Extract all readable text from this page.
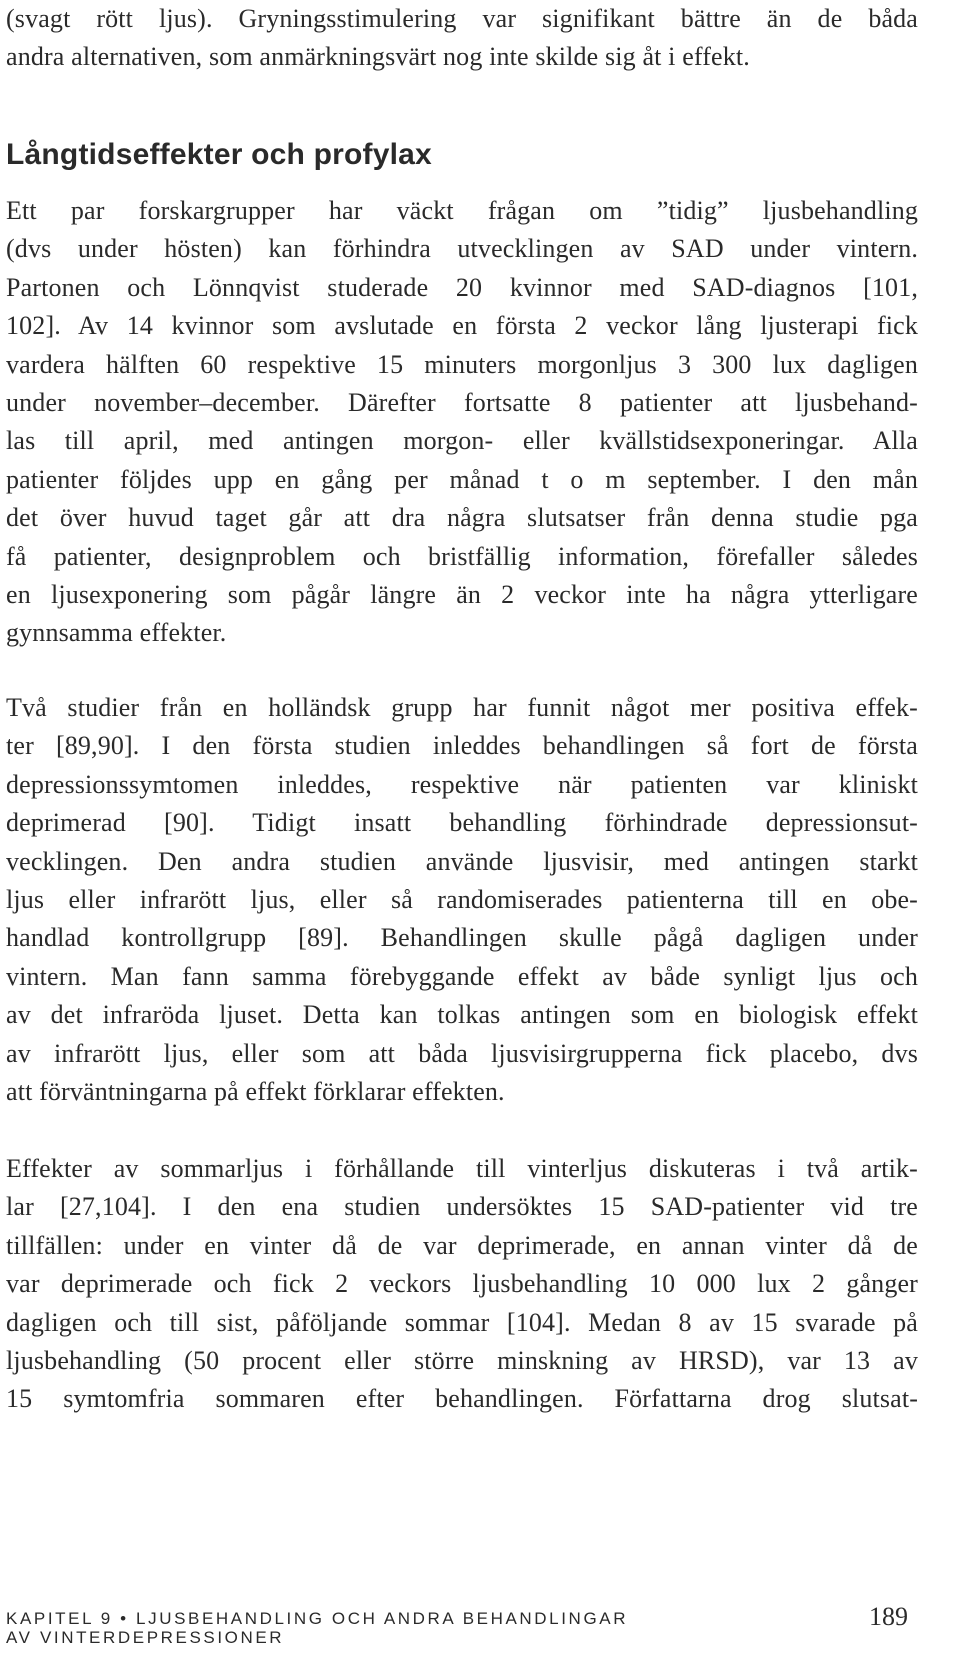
(svagt rött ljus). Gryningsstimulering var signifikant bättre än de båda
andra alternativen, som anmärkningsvärt nog inte skilde sig åt i effekt.
Långtidseffekter och profylax
Ett par forskargrupper har väckt frågan om ”tidig” ljusbehandling
(dvs under hösten) kan förhindra utvecklingen av SAD under vintern.
Partonen och Lönnqvist studerade 20 kvinnor med SAD-diagnos [101,
102]. Av 14 kvinnor som avslutade en första 2 veckor lång ljusterapi fick
vardera hälften 60 respektive 15 minuters morgonljus 3 300 lux dagligen
under november–december. Därefter fortsatte 8 patienter att ljusbehand-
las till april, med antingen morgon- eller kvällstidsexponeringar. Alla
patienter följdes upp en gång per månad t o m september. I den mån
det över huvud taget går att dra några slutsatser från denna studie pga
få patienter, designproblem och bristfällig information, förefaller således
en ljusexponering som pågår längre än 2 veckor inte ha några ytterligare
gynnsamma effekter.
Två studier från en holländsk grupp har funnit något mer positiva effek-
ter [89,90]. I den första studien inleddes behandlingen så fort de första
depressionssymtomen inleddes, respektive när patienten var kliniskt
deprimerad [90]. Tidigt insatt behandling förhindrade depressionsut-
vecklingen. Den andra studien använde ljusvisir, med antingen starkt
ljus eller infrarött ljus, eller så randomiserades patienterna till en obe-
handlad kontrollgrupp [89]. Behandlingen skulle pågå dagligen under
vintern. Man fann samma förebyggande effekt av både synligt ljus och
av det infraröda ljuset. Detta kan tolkas antingen som en biologisk effekt
av infrarött ljus, eller som att båda ljusvisirgrupperna fick placebo, dvs
att förväntningarna på effekt förklarar effekten.
Effekter av sommarljus i förhållande till vinterljus diskuteras i två artik-
lar [27,104]. I den ena studien undersöktes 15 SAD-patienter vid tre
tillfällen: under en vinter då de var deprimerade, en annan vinter då de
var deprimerade och fick 2 veckors ljusbehandling 10 000 lux 2 gånger
dagligen och till sist, påföljande sommar [104]. Medan 8 av 15 svarade på
ljusbehandling (50 procent eller större minskning av HRSD), var 13 av
15 symtomfria sommaren efter behandlingen. Författarna drog slutsat-
KAPITEL 9 • LJUSBEHANDLING OCH ANDRA BEHANDLINGAR
AV VINTERDEPRESSIONER
189
